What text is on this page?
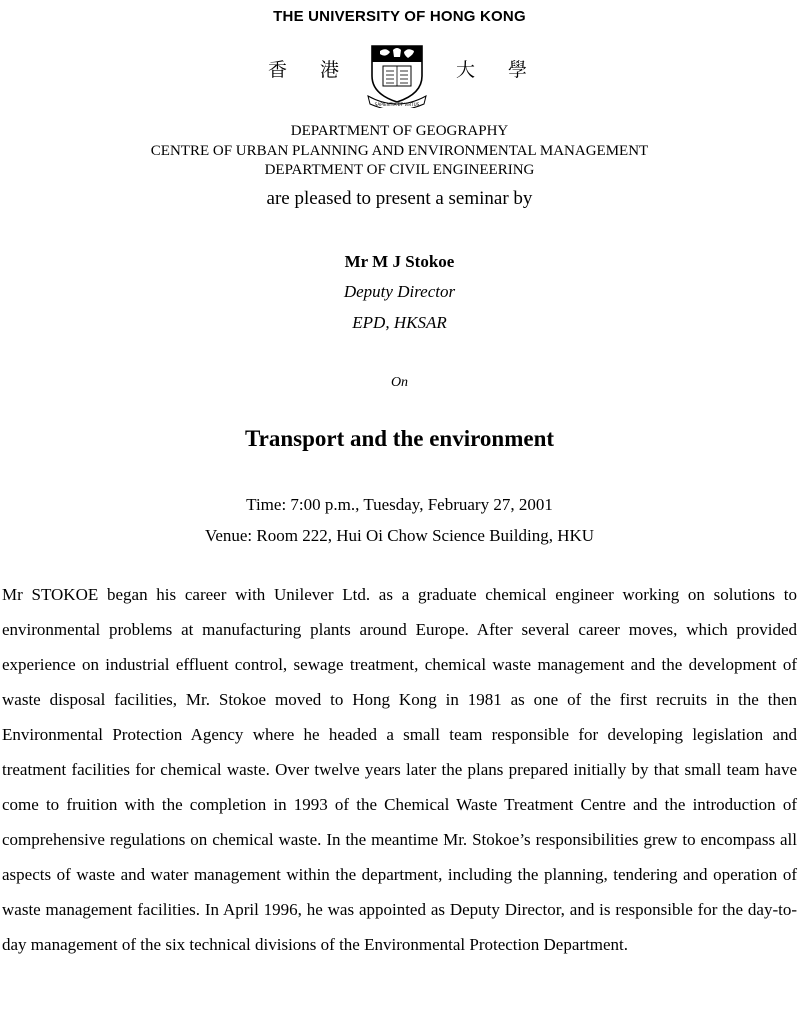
THE UNIVERSITY OF HONG KONG
香 港	大 學
SAPIENTIA ET VIRTUS
DEPARTMENT OF GEOGRAPHY
CENTRE OF URBAN PLANNING AND ENVIRONMENTAL MANAGEMENT
DEPARTMENT OF CIVIL ENGINEERING
are pleased to present a seminar by
Mr M J Stokoe
Deputy Director
EPD, HKSAR
On
Transport and the environment
Time: 7:00 p.m., Tuesday, February 27, 2001
Venue: Room 222, Hui Oi Chow Science Building, HKU

Mr STOKOE began his career with Unilever Ltd. as a graduate chemical engineer working on solutions to environmental problems at manufacturing plants around Europe. After several career moves, which provided experience on industrial effluent control, sewage treatment, chemical waste management and the development of waste disposal facilities, Mr. Stokoe moved to Hong Kong in 1981 as one of the first recruits in the then Environmental Protection Agency where he headed a small team responsible for developing legislation and treatment facilities for chemical waste. Over twelve years later the plans prepared initially by that small team have come to fruition with the completion in 1993 of the Chemical Waste Treatment Centre and the introduction of comprehensive regulations on chemical waste. In the meantime Mr. Stokoe’s responsibilities grew to encompass all aspects of waste and water management within the department, including the planning, tendering and operation of waste management facilities. In April 1996, he was appointed as Deputy Director, and is responsible for the day-to-day management of the six technical divisions of the Environmental Protection Department.
